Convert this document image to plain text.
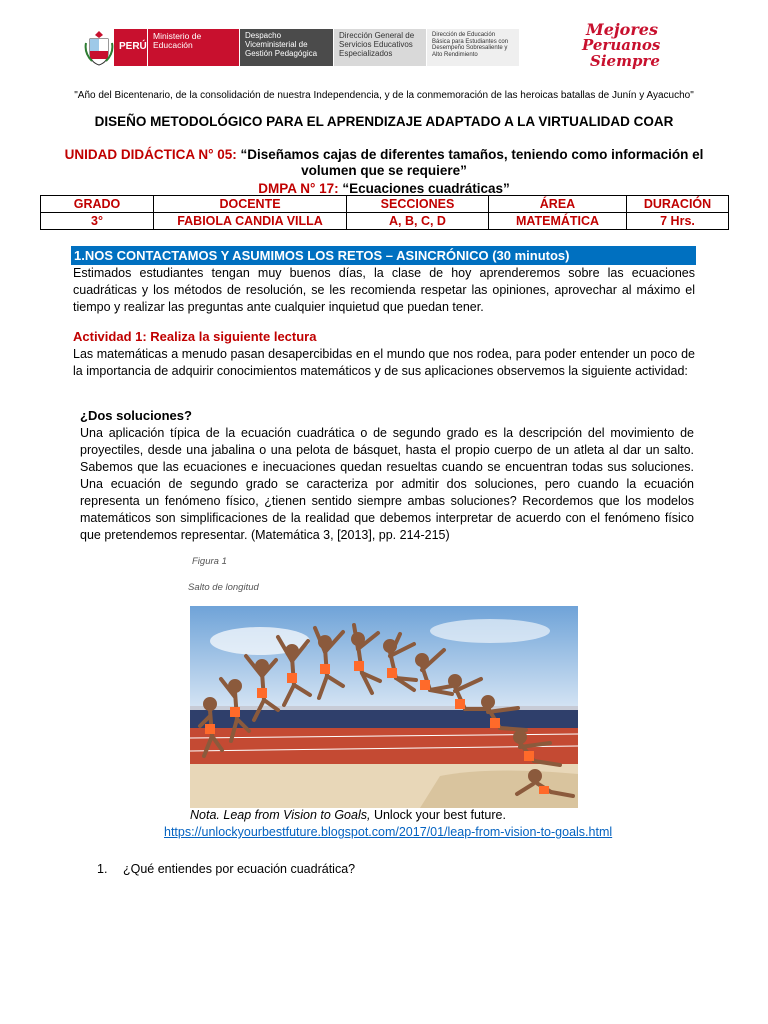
PERÚ
Ministerio de Educación
Despacho Viceministerial de Gestión Pedagógica
Dirección General de Servicios Educativos Especializados
Dirección de Educación Básica para Estudiantes con Desempeño Sobresaliente y Alto Rendimiento
Mejores
Peruanos
Siempre
"Año del Bicentenario, de la consolidación de nuestra Independencia, y de la conmemoración de las heroicas batallas de Junín y Ayacucho"
DISEÑO METODOLÓGICO PARA EL APRENDIZAJE ADAPTADO A LA VIRTUALIDAD COAR
UNIDAD DIDÁCTICA N° 05: “Diseñamos cajas de diferentes tamaños, teniendo como información el volumen que se requiere”
DMPA N° 17: “Ecuaciones cuadráticas”
GRADO	DOCENTE	SECCIONES	ÁREA	DURACIÓN
3°	FABIOLA CANDIA VILLA	A, B, C, D	MATEMÁTICA	7 Hrs.
1.NOS CONTACTAMOS Y ASUMIMOS LOS RETOS – ASINCRÓNICO (30 minutos)
Estimados estudiantes tengan muy buenos días, la clase de hoy aprenderemos sobre las ecuaciones cuadráticas y los métodos de resolución, se les recomienda respetar las opiniones, aprovechar al máximo el tiempo y realizar las preguntas ante cualquier inquietud que puedan tener.
Actividad 1: Realiza la siguiente lectura
Las matemáticas a menudo pasan desapercibidas en el mundo que nos rodea, para poder entender un poco de la importancia de adquirir conocimientos matemáticos y de sus aplicaciones observemos la siguiente actividad:
¿Dos soluciones?
Una aplicación típica de la ecuación cuadrática o de segundo grado es la descripción del movimiento de proyectiles, desde una jabalina o una pelota de básquet, hasta el propio cuerpo de un atleta al dar un salto. Sabemos que las ecuaciones e inecuaciones quedan resueltas cuando se encuentran todas sus soluciones. Una ecuación de segundo grado se caracteriza por admitir dos soluciones, pero cuando la ecuación representa un fenómeno físico, ¿tienen sentido siempre ambas soluciones? Recordemos que los modelos matemáticos son simplificaciones de la realidad que debemos interpretar de acuerdo con el fenómeno físico que pretendemos representar. (Matemática 3, [2013], pp. 214-215)
Figura 1
Salto de longitud
Nota. Leap from Vision to Goals, Unlock your best future.
https://unlockyourbestfuture.blogspot.com/2017/01/leap-from-vision-to-goals.html
1. ¿Qué entiendes por ecuación cuadrática?
